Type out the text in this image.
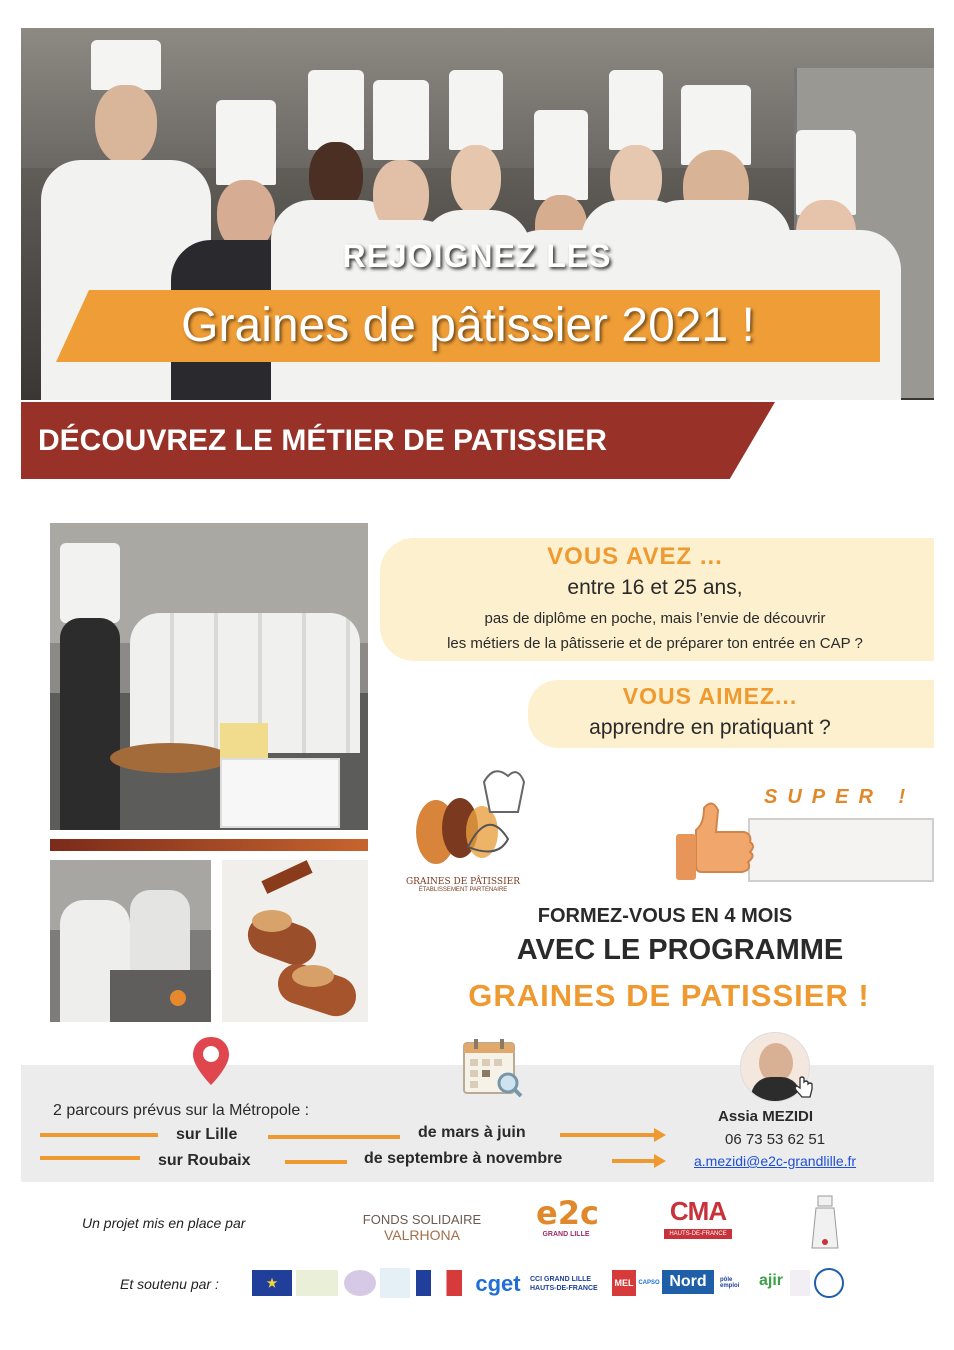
REJOIGNEZ LES
Graines de pâtissier 2021 !
DÉCOUVREZ LE MÉTIER DE PATISSIER
VOUS AVEZ ...
entre 16 et 25 ans,
pas de diplôme en poche, mais l’envie de découvrir
les métiers de la pâtisserie et de préparer ton entrée en CAP ?
VOUS AIMEZ...
apprendre en pratiquant ?
GRAINES DE PÂTISSIER
ÉTABLISSEMENT PARTENAIRE
SUPER !
FORMEZ-VOUS EN 4 MOIS
AVEC LE PROGRAMME
GRAINES DE PATISSIER !
2 parcours prévus sur la Métropole :
sur Lille	de mars à juin
sur Roubaix	de septembre à novembre
Assia MEZIDI
06 73 53 62 51
a.mezidi@e2c-grandlille.fr
Un projet mis en place par	FONDS SOLIDAIRE
VALRHONA
e2c
GRAND LILLE
CMA
HAUTS-DE-FRANCE
Et soutenu par :	★	cget	CCI GRAND LILLE HAUTS-DE-FRANCE
MEL CAPSO Nord	pôle emploi	ajir
